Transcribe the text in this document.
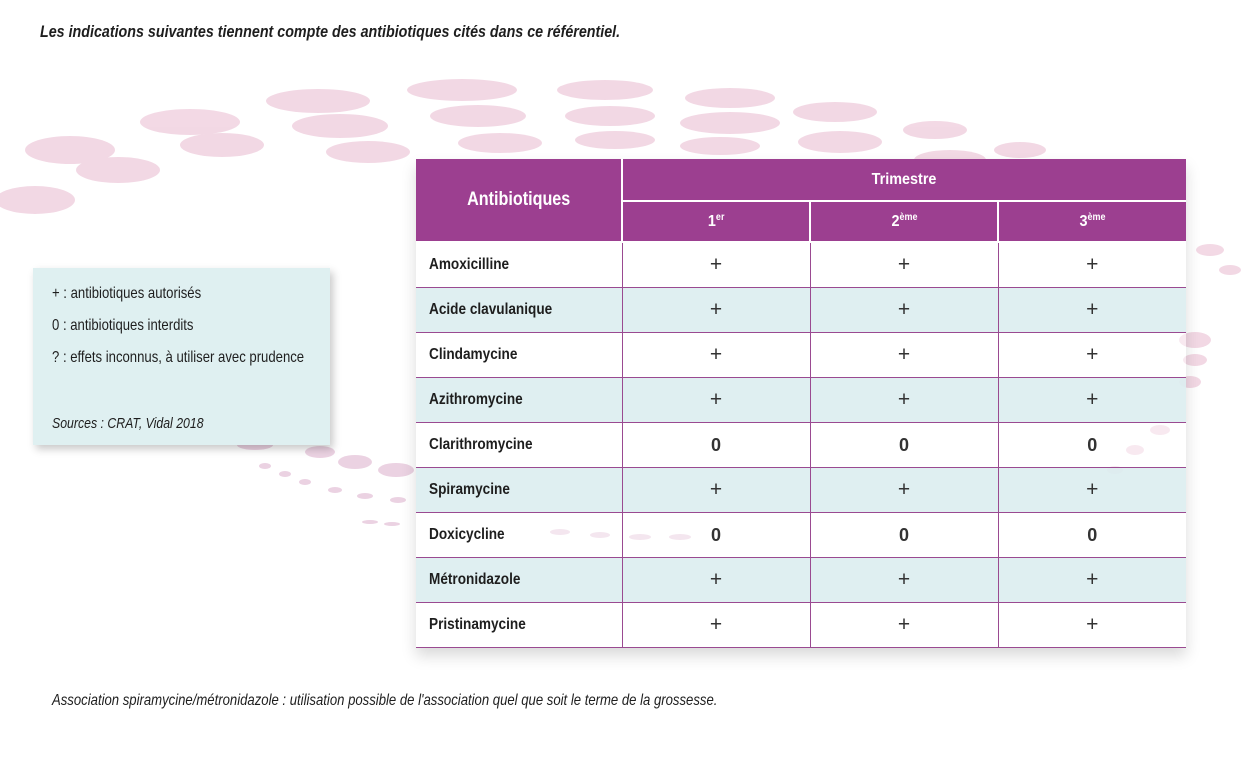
Les indications suivantes tiennent compte des antibiotiques cités dans ce référentiel.
+ : antibiotiques autorisés
0 : antibiotiques interdits
? : effets inconnus, à utiliser avec prudence
Sources : CRAT, Vidal 2018
Antibiotiques	Trimestre		
	1er	2ème	3ème
Amoxicilline	+	+	+
Acide clavulanique	+	+	+
Clindamycine	+	+	+
Azithromycine	+	+	+
Clarithromycine	0	0	0
Spiramycine	+	+	+
Doxicycline	0	0	0
Métronidazole	+	+	+
Pristinamycine	+	+	+
Association spiramycine/métronidazole : utilisation possible de l'association quel que soit le terme de la grossesse.
